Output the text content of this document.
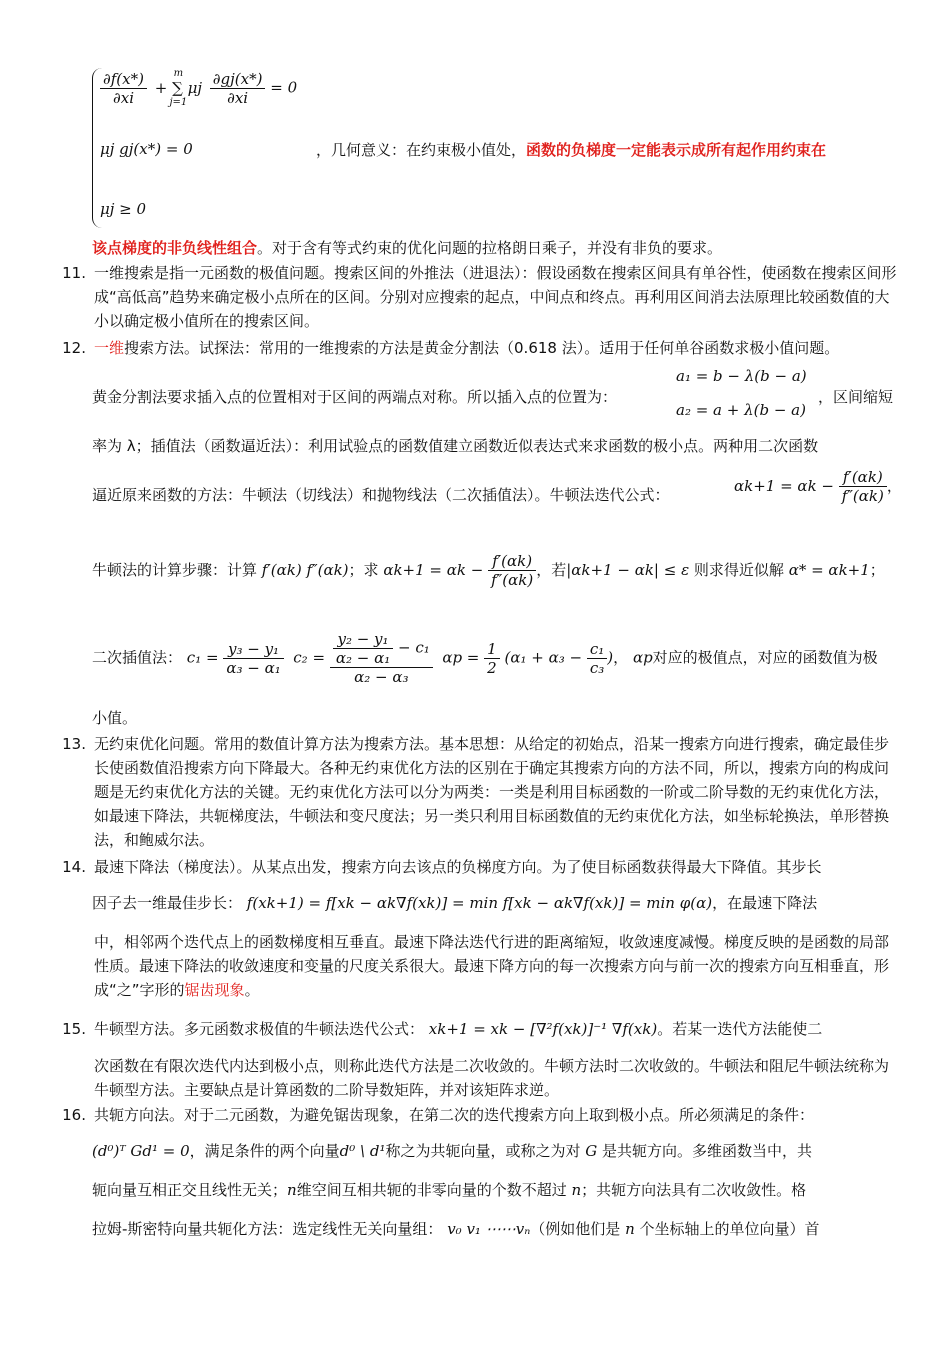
$\frac{\partial f(x*)}{\partial xi}$
	m
+ ∑ μj
j=1
	$\frac{\partial gj(x*)}{\partial xi} = 0$
μj gj(x*) = 0
μj ≥ 0
，几何意义：在约束极小值处，函数的负梯度一定能表示成所有起作用约束在
该点梯度的非负线性组合。对于含有等式约束的优化问题的拉格朗日乘子，并没有非负的要求。
11. 一维搜索是指一元函数的极值问题。搜索区间的外推法（进退法）：假设函数在搜索区间具有单谷性，使函数在搜索区间形成“高低高”趋势来确定极小点所在的区间。分别对应搜索的起点，中间点和终点。再利用区间消去法原理比较函数值的大小以确定极小值所在的搜索区间。
12. 一维搜索方法。试探法：常用的一维搜索的方法是黄金分割法（0.618 法）。适用于任何单谷函数求极小值问题。
黄金分割法要求插入点的位置相对于区间的两端点对称。所以插入点的位置为：
a₁ = b − λ(b − a)
a₂ = a + λ(b − a)
，区间缩短
率为 λ；插值法（函数逼近法）：利用试验点的函数值建立函数近似表达式来求函数的极小点。两种用二次函数
逼近原来函数的方法：牛顿法（切线法）和抛物线法（二次插值法）。牛顿法迭代公式：	$\alpha k+1 = \alpha k - \frac{f'(\alpha k)}{f''(\alpha k)}$ ，
牛顿法的计算步骤：计算 f′(αk) f″(αk)；求 $\alpha k+1 = \alpha k - \frac{f'(\alpha k)}{f''(\alpha k)}$ ，若|αk+1 − αk| ≤ ε 则求得近似解 α* = αk+1；
二次插值法： $c_1 = \frac{\text{y₃ − y₁}}{\text{α₃ − α₁}} c_2 = \frac{\frac{\text{y₂ − y₁}}{\text{α₂ − α₁}} - c_1}{\text{α₂ − α₃}}$ $\alpha p = \frac{1}{2} (\alpha_1 + \alpha_3 - \frac{\text{c₁}}{\text{c₃}}$ )， αp对应的极值点，对应的函数值为极
小值。
13. 无约束优化问题。常用的数值计算方法为搜索方法。基本思想：从给定的初始点，沿某一搜索方向进行搜索，确定最佳步长使函数值沿搜索方向下降最大。各种无约束优化方法的区别在于确定其搜索方向的方法不同，所以，搜索方向的构成问题是无约束优化方法的关键。无约束优化方法可以分为两类：一类是利用目标函数的一阶或二阶导数的无约束优化方法，如最速下降法，共轭梯度法，牛顿法和变尺度法；另一类只利用目标函数值的无约束优化方法，如坐标轮换法，单形替换法，和鲍威尔法。
14. 最速下降法（梯度法）。从某点出发，搜索方向去该点的负梯度方向。为了使目标函数获得最大下降值。其步长
因子去一维最佳步长： f(xk+1) = f[xk − αk∇f(xk)] = min f[xk − αk∇f(xk)] = min φ(α)，在最速下降法
中，相邻两个迭代点上的函数梯度相互垂直。最速下降法迭代行进的距离缩短，收敛速度减慢。梯度反映的是函数的局部性质。最速下降法的收敛速度和变量的尺度关系很大。最速下降方向的每一次搜索方向与前一次的搜索方向互相垂直，形成“之”字形的锯齿现象。
15. 牛顿型方法。多元函数求极值的牛顿法迭代公式： xk+1 = xk − [∇²f(xk)]⁻¹ ∇f(xk)。若某一迭代方法能使二
次函数在有限次迭代内达到极小点，则称此迭代方法是二次收敛的。牛顿方法时二次收敛的。牛顿法和阻尼牛顿法统称为牛顿型方法。主要缺点是计算函数的二阶导数矩阵，并对该矩阵求逆。
16. 共轭方向法。对于二元函数，为避免锯齿现象，在第二次的迭代搜索方向上取到极小点。所必须满足的条件：
(d⁰)ᵀ Gd¹ = 0，满足条件的两个向量d⁰ \ d¹称之为共轭向量，或称之为对 G 是共轭方向。多维函数当中，共
轭向量互相正交且线性无关；n维空间互相共轭的非零向量的个数不超过 n；共轭方向法具有二次收敛性。格
拉姆-斯密特向量共轭化方法：选定线性无关向量组： v₀ v₁ ⋯⋯vₙ（例如他们是 n 个坐标轴上的单位向量）首
